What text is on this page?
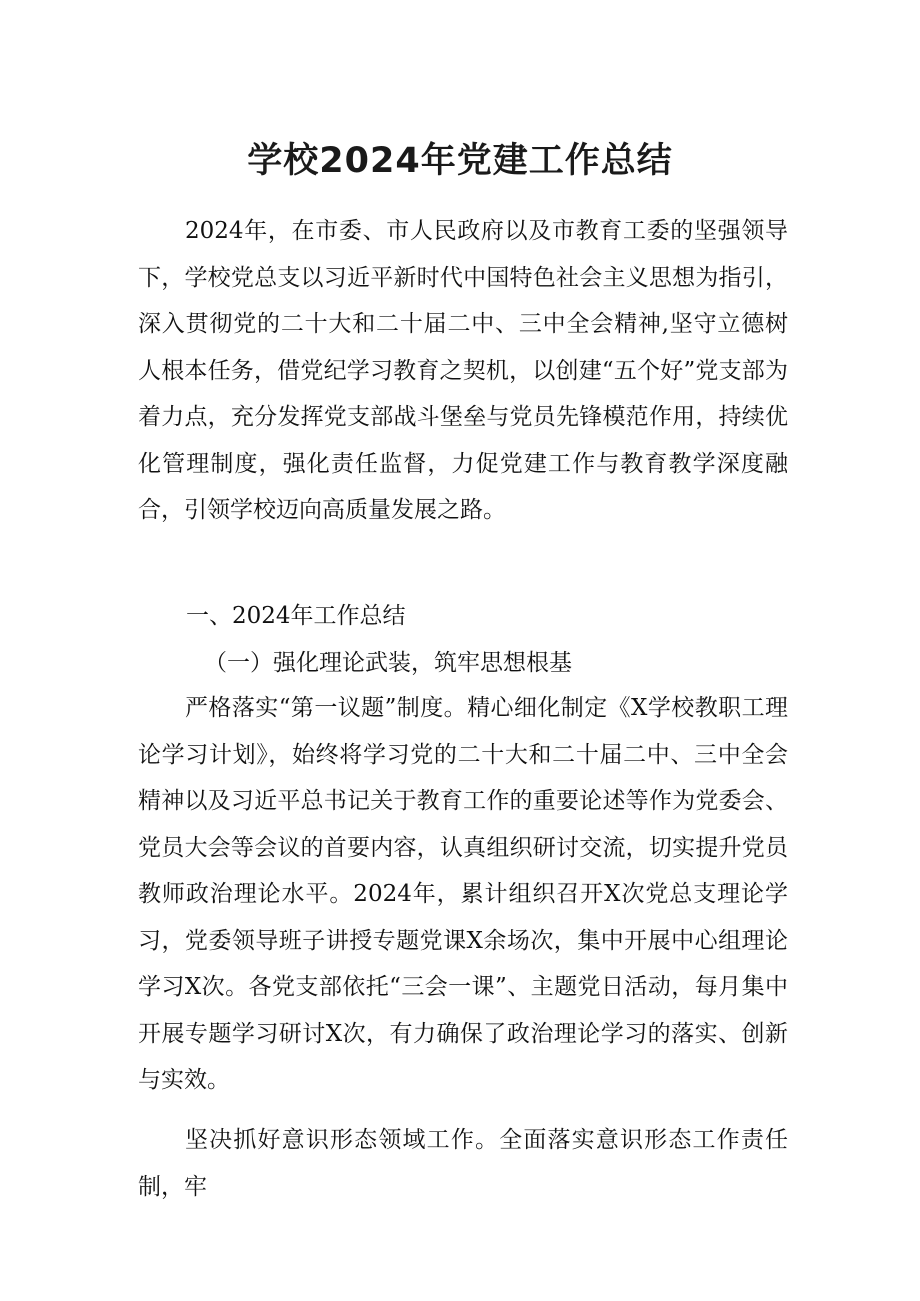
学校2024年党建工作总结

2024年，在市委、市人民政府以及市教育工委的坚强领导下，学校党总支以习近平新时代中国特色社会主义思想为指引，深入贯彻党的二十大和二十届二中、三中全会精神,坚守立德树人根本任务，借党纪学习教育之契机，以创建“五个好”党支部为着力点，充分发挥党支部战斗堡垒与党员先锋模范作用，持续优化管理制度，强化责任监督，力促党建工作与教育教学深度融合，引领学校迈向高质量发展之路。

一、2024年工作总结

（一）强化理论武装，筑牢思想根基

严格落实“第一议题”制度。精心细化制定《X学校教职工理论学习计划》，始终将学习党的二十大和二十届二中、三中全会精神以及习近平总书记关于教育工作的重要论述等作为党委会、党员大会等会议的首要内容，认真组织研讨交流，切实提升党员教师政治理论水平。2024年，累计组织召开X次党总支理论学习，党委领导班子讲授专题党课X余场次，集中开展中心组理论学习X次。各党支部依托“三会一课”、主题党日活动，每月集中开展专题学习研讨X次，有力确保了政治理论学习的落实、创新与实效。

坚决抓好意识形态领域工作。全面落实意识形态工作责任制，牢
